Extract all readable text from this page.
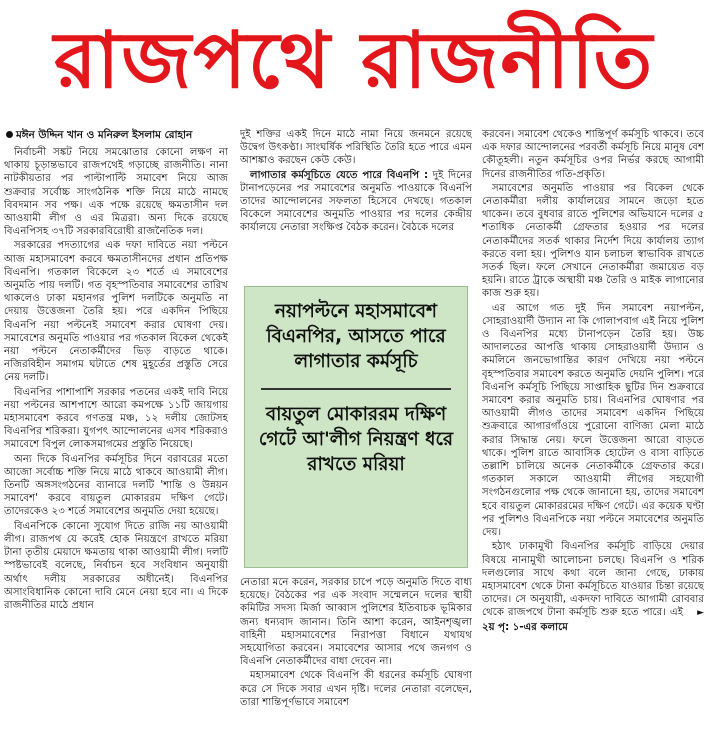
রাজপথে রাজনীতি
মঈন উদ্দিন খান ও মনিরুল ইসলাম রোহান

নির্বাচনী সঙ্কট নিয়ে সমঝোতার কোনো লক্ষণ না থাকায় চূড়ান্তভাবে রাজপথেই গড়াচ্ছে রাজনীতি। নানা নাটকীয়তার পর পাল্টাপাল্টি সমাবেশ নিয়ে আজ শুক্রবার সর্বোচ্চ সাংগঠনিক শক্তি নিয়ে মাঠে নামছে বিবদমান সব পক্ষ। এক পক্ষে রয়েছে ক্ষমতাসীন দল আওয়ামী লীগ ও এর মিত্ররা। অন্য দিকে রয়েছে বিএনপিসহ ৩৭টি সরকারবিরোধী রাজনৈতিক দল।

সরকারের পদত্যাগের এক দফা দাবিতে নয়া পল্টনে আজ মহাসমাবেশ করবে ক্ষমতাসীনদের প্রধান প্রতিপক্ষ বিএনপি। গতকাল বিকেলে ২৩ শর্তে এ সমাবেশের অনুমতি পায় দলটি। গত বৃহস্পতিবার সমাবেশের তারিখ থাকলেও ঢাকা মহানগর পুলিশ দলটিকে অনুমতি না দেয়ায় উত্তেজনা তৈরি হয়। পরে একদিন পিছিয়ে বিএনপি নয়া পল্টনেই সমাবেশ করার ঘোষণা দেয়। সমাবেশের অনুমতি পাওয়ার পর গতকাল বিকেল থেকেই নয়া পল্টনে নেতাকর্মীদের ভিড় বাড়তে থাকে। নজিরবিহীন সমাগম ঘটাতে শেষ মুহূর্তের প্রস্তুতি সেরে নেয় দলটি।

বিএনপির পাশাপাশি সরকার পতনের একই দাবি নিয়ে নয়া পল্টনের আশপাশে আরো কমপক্ষে ১১টি জায়গায় মহাসমাবেশ করবে গণতন্ত্র মঞ্চ, ১২ দলীয় জোটসহ বিএনপির শরিকরা। যুগপৎ আন্দোলনের এসব শরিকরাও সমাবেশে বিপুল লোকসমাগমের প্রস্তুতি নিয়েছে।

অন্য দিকে বিএনপির কর্মসূচির দিনে বরাবরের মতো আজো সর্বোচ্চ শক্তি নিয়ে মাঠে থাকবে আওয়ামী লীগ। তিনটি অঙ্গসংগঠনের ব্যানারে দলটি 'শান্তি ও উন্নয়ন সমাবেশ' করবে বায়তুল মোকাররম দক্ষিণ গেটে। তাদেরকেও ২৩ শর্তে সমাবেশের অনুমতি দেয়া হয়েছে।

বিএনপিকে কোনো সুযোগ দিতে রাজি নয় আওয়ামী লীগ। রাজপথ যে করেই হোক নিয়ন্ত্রণে রাখতে মরিয়া টানা তৃতীয় মেয়াদে ক্ষমতায় থাকা আওয়ামী লীগ। দলটি স্পষ্টভাবেই বলেছে, নির্বাচন হবে সংবিধান অনুযায়ী অর্থাৎ দলীয় সরকারের অধীনেই। বিএনপির অসাংবিধানিক কোনো দাবি মেনে নেয়া হবে না। এ দিকে রাজনীতির মাঠে প্রধান

দুই শক্তির একই দিনে মাঠে নামা নিয়ে জনমনে রয়েছে উদ্বেগ উৎকণ্ঠা। সাংঘর্ষিক পরিস্থিতি তৈরি হতে পারে এমন আশঙ্কাও করছেন কেউ কেউ।

লাগাতার কর্মসূচিতে যেতে পারে বিএনপি : দুই দিনের টানাপড়েনের পর সমাবেশের অনুমতি পাওয়াকে বিএনপি তাদের আন্দোলনের সফলতা হিসেবে দেখছে। গতকাল বিকেলে সমাবেশের অনুমতি পাওয়ার পর দলের কেন্দ্রীয় কার্যালয়ে নেতারা সংক্ষিপ্ত বৈঠক করেন। বৈঠকে দলের

নেতারা মনে করেন, সরকার চাপে পড়ে অনুমতি দিতে বাধ্য হয়েছে। বৈঠকের পর এক সংবাদ সম্মেলনে দলের স্থায়ী কমিটির সদস্য মির্জা আব্বাস পুলিশের ইতিবাচক ভূমিকার জন্য ধন্যবাদ জানান। তিনি আশা করেন, আইনশৃঙ্খলা বাহিনী মহাসমাবেশের নিরাপত্তা বিধানে যথাযথ সহযোগিতা করবেন। সমাবেশের আসার পথে জনগণ ও বিএনপি নেতাকর্মীদের বাধা দেবেন না।

মহাসমাবেশ থেকে বিএনপি কী ধরনের কর্মসূচি ঘোষণা করে সে দিকে সবার এখন দৃষ্টি। দলের নেতারা বলেছেন, তারা শান্তিপূর্ণভাবে সমাবেশ

নয়াপল্টনে মহাসমাবেশ বিএনপির, আসতে পারে লাগাতার কর্মসূচি
বায়তুল মোকাররম দক্ষিণ গেটে আ'লীগ নিয়ন্ত্রণ ধরে রাখতে মরিয়া

করবেন। সমাবেশ থেকেও শান্তিপূর্ণ কর্মসূচি থাকবে। তবে এক দফার আন্দোলনের পরবর্তী কর্মসূচি নিয়ে মানুষ বেশ কৌতূহলী। নতুন কর্মসূচির ওপর নির্ভর করছে আগামী দিনের রাজনীতির গতি-প্রকৃতি।

সমাবেশের অনুমতি পাওয়ার পর বিকেল থেকে নেতাকর্মীরা দলীয় কার্যালয়ের সামনে জড়ো হতে থাকেন। তবে বুধবার রাতে পুলিশের অভিযানে দলের ৫ শতাধিক নেতাকর্মী গ্রেফতার হওয়ার পর দলের নেতাকর্মীদের সতর্ক থাকার নির্দেশ দিয়ে কার্যালয় ত্যাগ করতে বলা হয়। পুলিশও যান চলাচল স্বাভাবিক রাখতে সতর্ক ছিল। ফলে সেখানে নেতাকর্মীরা জমায়েত বড় হয়নি। রাতে ট্রাকে অস্থায়ী মঞ্চ তৈরি ও মাইক লাগানোর কাজ শুরু হয়।

এর আগে গত দুই দিন সমাবেশ নয়াপল্টন, সোহরাওয়ার্দী উদ্যান না কি গোলাপবাগ এই নিয়ে পুলিশ ও বিএনপির মধ্যে টানাপড়েন তৈরি হয়। উচ্চ আদালতের আপত্তি থাকায় সোহরাওয়ার্দী উদ্যান ও কমলিনে জনভোগান্তির কারণ দেখিয়ে নয়া পল্টনে বৃহস্পতিবার সমাবেশ করতে অনুমতি দেয়নি পুলিশ। পরে বিএনপি কর্মসূচি পিছিয়ে সাপ্তাহিক ছুটির দিন শুক্রবারে সমাবেশ করার অনুমতি চায়। বিএনপির ঘোষণার পর আওয়ামী লীগও তাদের সমাবেশ একদিন পিছিয়ে শুক্রবারে আগারগাঁওয়ে পুরোনো বাণিজ্য মেলা মাঠে করার সিদ্ধান্ত নেয়। ফলে উত্তেজনা আরো বাড়তে থাকে। পুলিশ রাতে আবাসিক হোটেল ও বাসা বাড়িতে তল্লাশি চালিয়ে অনেক নেতাকর্মীকে গ্রেফতার করে। গতকাল সকালে আওয়ামী লীগের সহযোগী সংগঠনগুলোর পক্ষ থেকে জানানো হয়, তাদের সমাবেশ হবে বায়তুল মোকাররমের দক্ষিণ গেটে। এর কয়েক ঘণ্টা পর পুলিশও বিএনপিকে নয়া পল্টনে সমাবেশের অনুমতি দেয়।

হঠাৎ ঢাকামুখী বিএনপির কর্মসূচি বাড়িয়ে দেয়ার বিষয়ে নানামুখী আলোচনা চলছে। বিএনপি ও শরিক দলগুলোর সাথে কথা বলে জানা গেছে, ঢাকায় মহাসমাবেশ থেকে টানা কর্মসূচিতে যাওয়ার চিন্তা রয়েছে তাদের। সে অনুযায়ী, একদফা দাবিতে আগামী রোববার থেকে রাজপথে টানা কর্মসূচি শুরু হতে পারে। এই ► ২য় পৃ: ১-এর কলামে
